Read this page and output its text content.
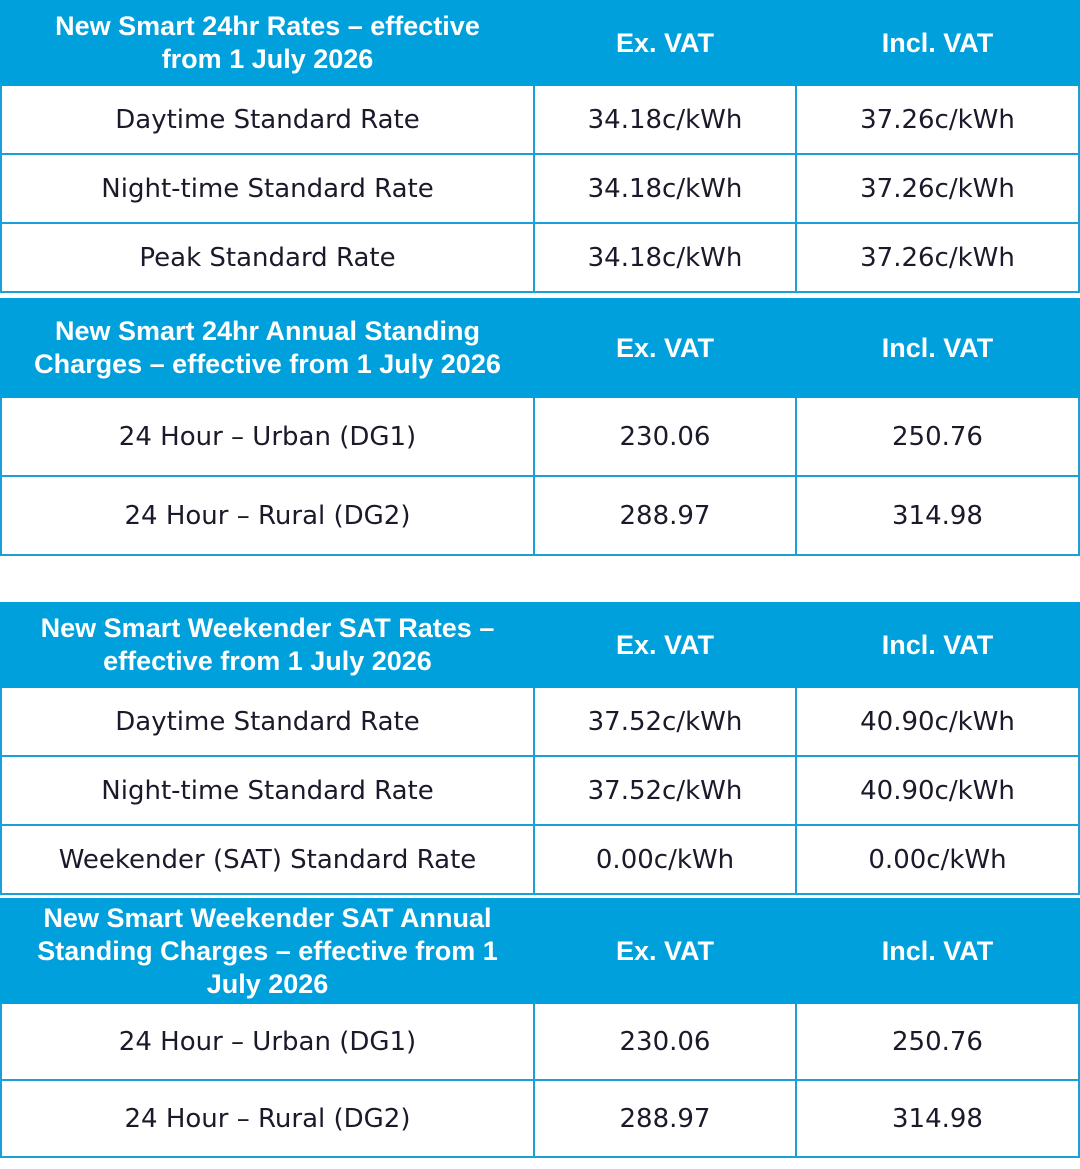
New Smart 24hr Rates – effective from 1 July 2026	Ex. VAT	Incl. VAT
Daytime Standard Rate	34.18c/kWh	37.26c/kWh
Night-time Standard Rate	34.18c/kWh	37.26c/kWh
Peak Standard Rate	34.18c/kWh	37.26c/kWh
New Smart 24hr Annual Standing Charges – effective from 1 July 2026	Ex. VAT	Incl. VAT
24 Hour – Urban (DG1)	230.06	250.76
24 Hour – Rural (DG2)	288.97	314.98
New Smart Weekender SAT Rates – effective from 1 July 2026	Ex. VAT	Incl. VAT
Daytime Standard Rate	37.52c/kWh	40.90c/kWh
Night-time Standard Rate	37.52c/kWh	40.90c/kWh
Weekender (SAT) Standard Rate	0.00c/kWh	0.00c/kWh
New Smart Weekender SAT Annual Standing Charges – effective from 1 July 2026	Ex. VAT	Incl. VAT
24 Hour – Urban (DG1)	230.06	250.76
24 Hour – Rural (DG2)	288.97	314.98
